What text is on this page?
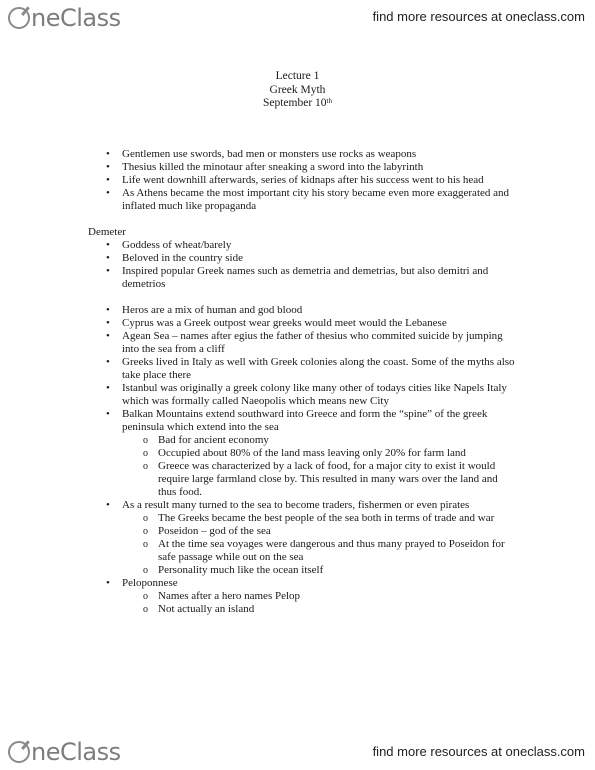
neClass	find more resources at oneclass.com
Lecture 1
Greek Myth
September 10th
• Gentlemen use swords, bad men or monsters use rocks as weapons
• Thesius killed the minotaur after sneaking a sword into the labyrinth
• Life went downhill afterwards, series of kidnaps after his success went to his head
• As Athens became the most important city his story became even more exaggerated and inflated much like propaganda
Demeter
• Goddess of wheat/barely
• Beloved in the country side
• Inspired popular Greek names such as demetria and demetrias, but also demitri and demetrios
• Heros are a mix of human and god blood
• Cyprus was a Greek outpost wear greeks would meet would the Lebanese
• Agean Sea – names after egius the father of thesius who commited suicide by jumping into the sea from a cliff
• Greeks lived in Italy as well with Greek colonies along the coast. Some of the myths also take place there
• Istanbul was originally a greek colony like many other of todays cities like Napels Italy which was formally called Naeopolis which means new City
• Balkan Mountains extend southward into Greece and form the “spine” of the greek peninsula which extend into the sea
o Bad for ancient economy
o Occupied about 80% of the land mass leaving only 20% for farm land
o Greece was characterized by a lack of food, for a major city to exist it would require large farmland close by. This resulted in many wars over the land and thus food.
• As a result many turned to the sea to become traders, fishermen or even pirates
o The Greeks became the best people of the sea both in terms of trade and war
o Poseidon – god of the sea
o At the time sea voyages were dangerous and thus many prayed to Poseidon for safe passage while out on the sea
o Personality much like the ocean itself
• Peloponnese
o Names after a hero names Pelop
o Not actually an island
neClass	find more resources at oneclass.com
